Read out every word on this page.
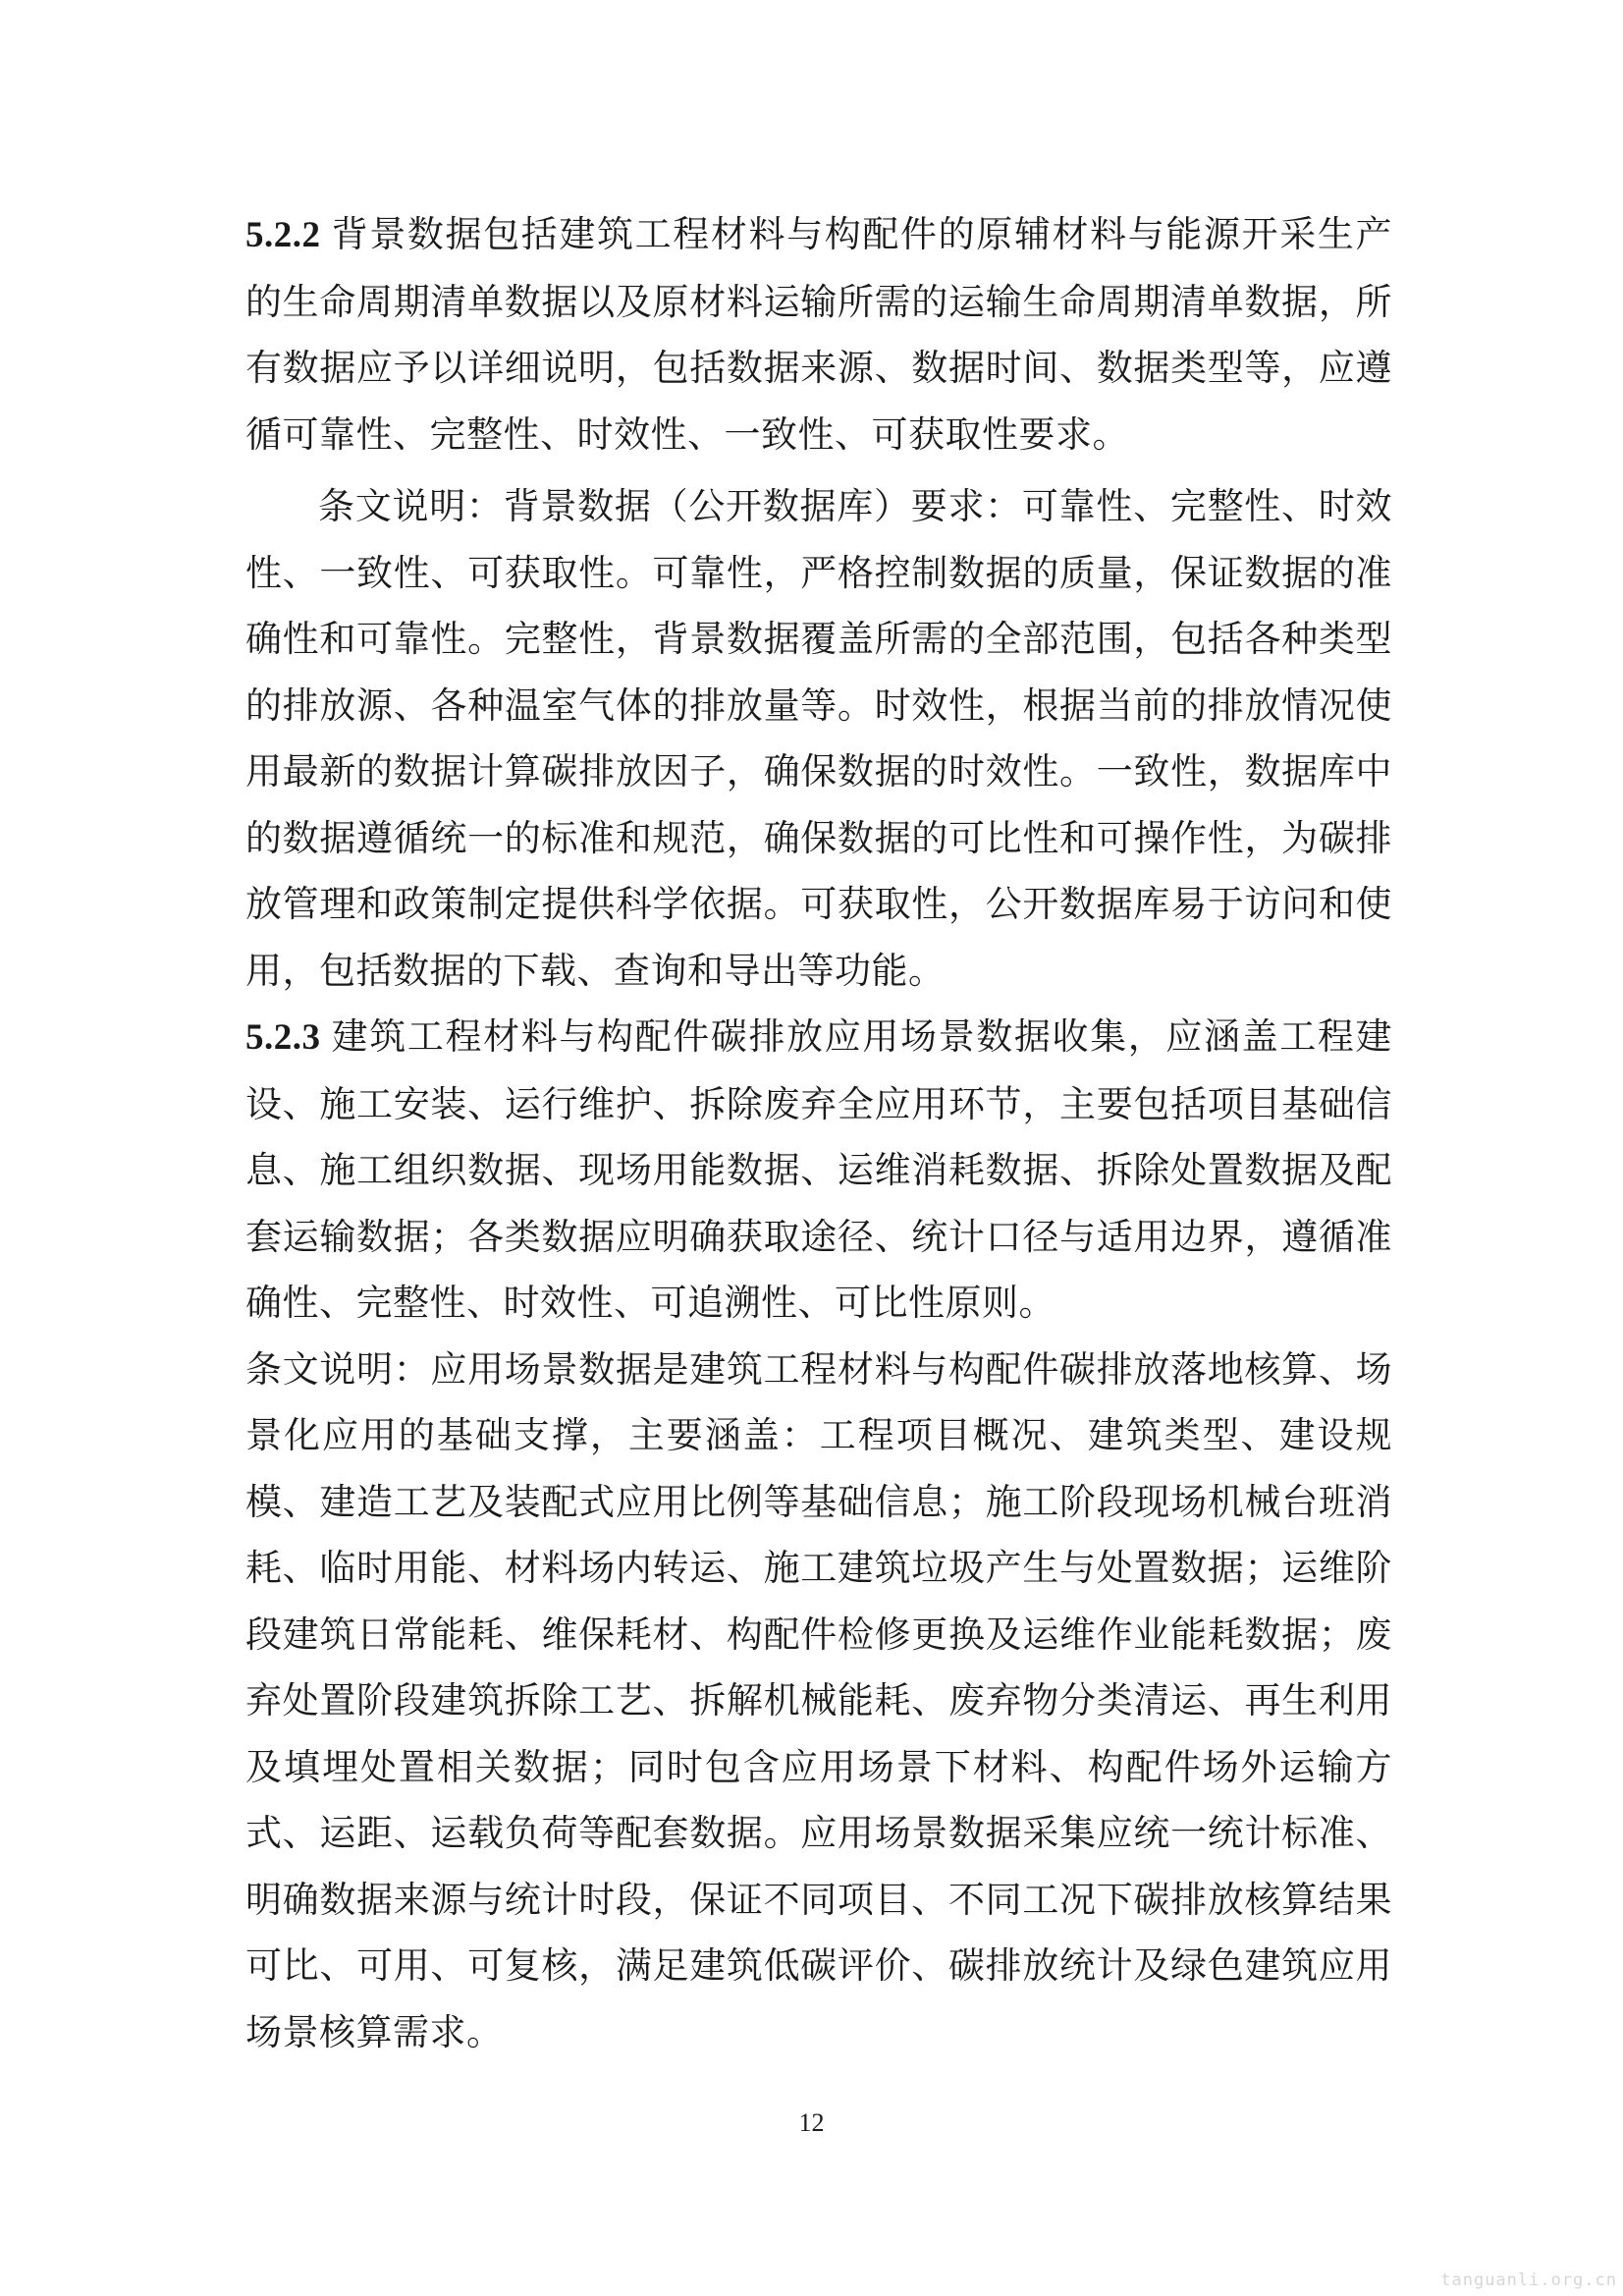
5.2.2 背景数据包括建筑工程材料与构配件的原辅材料与能源开采生产的生命周期清单数据以及原材料运输所需的运输生命周期清单数据，所有数据应予以详细说明，包括数据来源、数据时间、数据类型等，应遵循可靠性、完整性、时效性、一致性、可获取性要求。

条文说明：背景数据（公开数据库）要求：可靠性、完整性、时效性、一致性、可获取性。可靠性，严格控制数据的质量，保证数据的准确性和可靠性。完整性，背景数据覆盖所需的全部范围，包括各种类型的排放源、各种温室气体的排放量等。时效性，根据当前的排放情况使用最新的数据计算碳排放因子，确保数据的时效性。一致性，数据库中的数据遵循统一的标准和规范，确保数据的可比性和可操作性，为碳排放管理和政策制定提供科学依据。可获取性，公开数据库易于访问和使用，包括数据的下载、查询和导出等功能。

5.2.3 建筑工程材料与构配件碳排放应用场景数据收集，应涵盖工程建设、施工安装、运行维护、拆除废弃全应用环节，主要包括项目基础信息、施工组织数据、现场用能数据、运维消耗数据、拆除处置数据及配套运输数据；各类数据应明确获取途径、统计口径与适用边界，遵循准确性、完整性、时效性、可追溯性、可比性原则。

条文说明：应用场景数据是建筑工程材料与构配件碳排放落地核算、场景化应用的基础支撑，主要涵盖：工程项目概况、建筑类型、建设规模、建造工艺及装配式应用比例等基础信息；施工阶段现场机械台班消耗、临时用能、材料场内转运、施工建筑垃圾产生与处置数据；运维阶段建筑日常能耗、维保耗材、构配件检修更换及运维作业能耗数据；废弃处置阶段建筑拆除工艺、拆解机械能耗、废弃物分类清运、再生利用及填埋处置相关数据；同时包含应用场景下材料、构配件场外运输方式、运距、运载负荷等配套数据。应用场景数据采集应统一统计标准、明确数据来源与统计时段，保证不同项目、不同工况下碳排放核算结果可比、可用、可复核，满足建筑低碳评价、碳排放统计及绿色建筑应用场景核算需求。

12
tanguanli.org.cn
